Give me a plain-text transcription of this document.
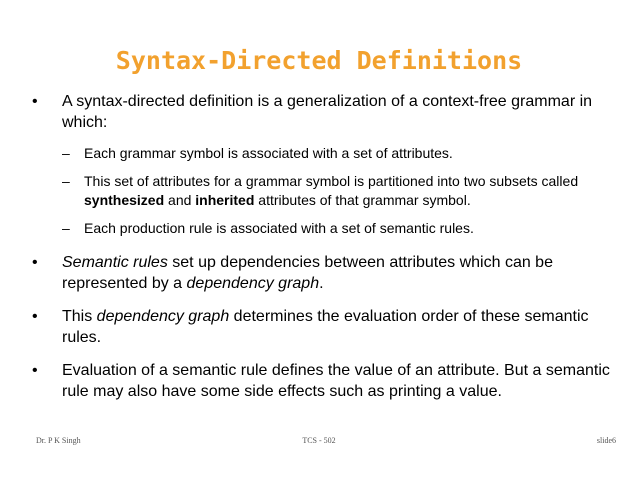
Syntax-Directed Definitions
• A syntax-directed definition is a generalization of a context-free grammar in which:
– Each grammar symbol is associated with a set of attributes.
– This set of attributes for a grammar symbol is partitioned into two subsets called synthesized and inherited attributes of that grammar symbol.
– Each production rule is associated with a set of semantic rules.
• Semantic rules set up dependencies between attributes which can be represented by a dependency graph.
• This dependency graph determines the evaluation order of these semantic rules.
• Evaluation of a semantic rule defines the value of an attribute. But a semantic rule may also have some side effects such as printing a value.
Dr. P K Singh	TCS - 502	slide6
